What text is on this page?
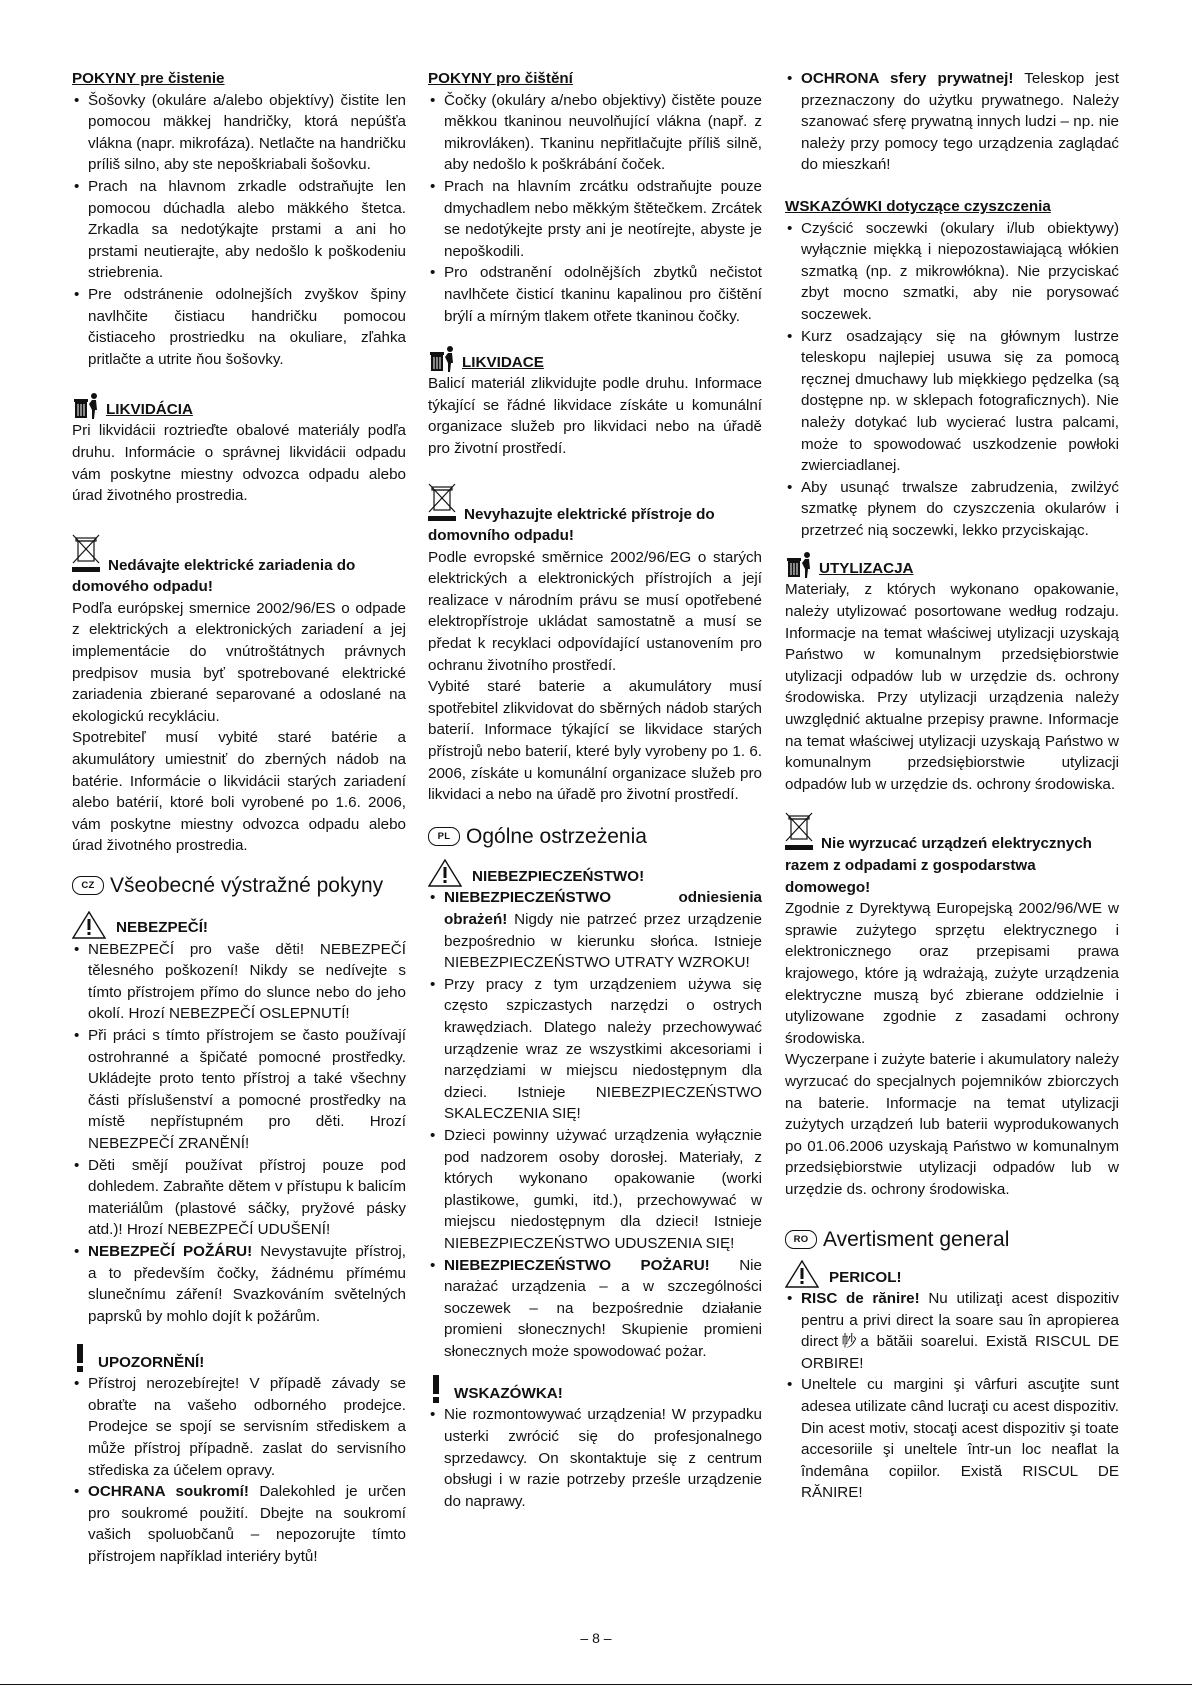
POKYNY pre čistenie

• Šošovky (okuláre a/alebo objektívy) čistite len pomocou mäkkej handričky, ktorá nepúšťa vlákna (napr. mikrofáza). Netlačte na handričku príliš silno, aby ste nepoškriabali šošovku.
• Prach na hlavnom zrkadle odstraňujte len pomocou dúchadla alebo mäkkého štetca. Zrkadla sa nedotýkajte prstami a ani ho prstami neutierajte, aby nedošlo k poškodeniu striebrenia.
• Pre odstránenie odolnejších zvyškov špiny navlhčite čistiacu handričku pomocou čistiaceho prostriedku na okuliare, zľahka pritlačte a utrite ňou šošovky.
LIKVIDÁCIA

Pri likvidácii roztrieďte obalové materiály podľa druhu. Informácie o správnej likvidácii odpadu vám poskytne miestny odvozca odpadu alebo úrad životného prostredia.

Nedávajte elektrické zariadenia do domového odpadu!

Podľa európskej smernice 2002/96/ES o odpade z elektrických a elektronických zariadení a jej implementácie do vnútroštátnych právnych predpisov musia byť spotrebované elektrické zariadenia zbierané separované a odoslané na ekologickú recykláciu.

Spotrebiteľ musí vybité staré batérie a akumulátory umiestniť do zberných nádob na batérie. Informácie o likvidácii starých zariadení alebo batérií, ktoré boli vyrobené po 1.6. 2006, vám poskytne miestny odvozca odpadu alebo úrad životného prostredia.

CZ Všeobecné výstražné pokyny
NEBEZPEČÍ!
• NEBEZPEČÍ pro vaše děti! NEBEZPEČÍ tělesného poškození! Nikdy se nedívejte s tímto přístrojem přímo do slunce nebo do jeho okolí. Hrozí NEBEZPEČÍ OSLEPNUTÍ!
• Při práci s tímto přístrojem se často používají ostrohranné a špičaté pomocné prostředky. Ukládejte proto tento přístroj a také všechny části příslušenství a pomocné prostředky na místě nepřístupném pro děti. Hrozí NEBEZPEČÍ ZRANĚNÍ!
• Děti smějí používat přístroj pouze pod dohledem. Zabraňte dětem v přístupu k balicím materiálům (plastové sáčky, pryžové pásky atd.)! Hrozí NEBEZPEČÍ UDUŠENÍ!
• NEBEZPEČÍ POŽÁRU! Nevystavujte přístroj, a to především čočky, žádnému přímému slunečnímu záření! Svazkováním světelných paprsků by mohlo dojít k požárům.
UPOZORNĚNÍ!
• Přístroj nerozebírejte! V případě závady se obraťte na vašeho odborného prodejce. Prodejce se spojí se servisním střediskem a může přístroj případně. zaslat do servisního střediska za účelem opravy.
• OCHRANA soukromí! Dalekohled je určen pro soukromé použití. Dbejte na soukromí vašich spoluobčanů – nepozorujte tímto přístrojem například interiéry bytů!

POKYNY pro čištění

• Čočky (okuláry a/nebo objektivy) čistěte pouze měkkou tkaninou neuvolňující vlákna (např. z mikrovláken). Tkaninu nepřitlačujte příliš silně, aby nedošlo k poškrábání čoček.
• Prach na hlavním zrcátku odstraňujte pouze dmychadlem nebo měkkým štětečkem. Zrcátek se nedotýkejte prsty ani je neotírejte, abyste je nepoškodili.
• Pro odstranění odolnějších zbytků nečistot navlhčete čisticí tkaninu kapalinou pro čištění brýlí a mírným tlakem otřete tkaninou čočky.
LIKVIDACE

Balicí materiál zlikvidujte podle druhu. Informace týkající se řádné likvidace získáte u komunální organizace služeb pro likvidaci nebo na úřadě pro životní prostředí.

Nevyhazujte elektrické přístroje do domovního odpadu!

Podle evropské směrnice 2002/96/EG o starých elektrických a elektronických přístrojích a její realizace v národním právu se musí opotřebené elektropřístroje ukládat samostatně a musí se předat k recyklaci odpovídající ustanovením pro ochranu životního prostředí.

Vybité staré baterie a akumulátory musí spotřebitel zlikvidovat do sběrných nádob starých baterií. Informace týkající se likvidace starých přístrojů nebo baterií, které byly vyrobeny po 1. 6. 2006, získáte u komunální organizace služeb pro likvidaci a nebo na úřadě pro životní prostředí.

PL Ogólne ostrzeżenia
NIEBEZPIECZEŃSTWO!
• NIEBEZPIECZEŃSTWO odniesienia obrażeń! Nigdy nie patrzeć przez urządzenie bezpośrednio w kierunku słońca. Istnieje NIEBEZPIECZEŃSTWO UTRATY WZROKU!
• Przy pracy z tym urządzeniem używa się często szpiczastych narzędzi o ostrych krawędziach. Dlatego należy przechowywać urządzenie wraz ze wszystkimi akcesoriami i narzędziami w miejscu niedostępnym dla dzieci. Istnieje NIEBEZPIECZEŃSTWO SKALECZENIA SIĘ!
• Dzieci powinny używać urządzenia wyłącznie pod nadzorem osoby dorosłej. Materiały, z których wykonano opakowanie (worki plastikowe, gumki, itd.), przechowywać w miejscu niedostępnym dla dzieci! Istnieje NIEBEZPIECZEŃSTWO UDUSZENIA SIĘ!
• NIEBEZPIECZEŃSTWO POŻARU! Nie narażać urządzenia – a w szczególności soczewek – na bezpośrednie działanie promieni słonecznych! Skupienie promieni słonecznych może spowodować pożar.
WSKAZÓWKA!
• Nie rozmontowywać urządzenia! W przypadku usterki zwrócić się do profesjonalnego sprzedawcy. On skontaktuje się z centrum obsługi i w razie potrzeby prześle urządzenie do naprawy.
• OCHRONA sfery prywatnej! Teleskop jest przeznaczony do użytku prywatnego. Należy szanować sferę prywatną innych ludzi – np. nie należy przy pomocy tego urządzenia zaglądać do mieszkań!

WSKAZÓWKI dotyczące czyszczenia

• Czyścić soczewki (okulary i/lub obiektywy) wyłącznie miękką i niepozostawiającą włókien szmatką (np. z mikrowłókna). Nie przyciskać zbyt mocno szmatki, aby nie porysować soczewek.
• Kurz osadzający się na głównym lustrze teleskopu najlepiej usuwa się za pomocą ręcznej dmuchawy lub miękkiego pędzelka (są dostępne np. w sklepach fotograficznych). Nie należy dotykać lub wycierać lustra palcami, może to spowodować uszkodzenie powłoki zwierciadlanej.
• Aby usunąć trwalsze zabrudzenia, zwilżyć szmatkę płynem do czyszczenia okularów i przetrzeć nią soczewki, lekko przyciskając.
UTYLIZACJA

Materiały, z których wykonano opakowanie, należy utylizować posortowane według rodzaju. Informacje na temat właściwej utylizacji uzyskają Państwo w komunalnym przedsiębiorstwie utylizacji odpadów lub w urzędzie ds. ochrony środowiska. Przy utylizacji urządzenia należy uwzględnić aktualne przepisy prawne. Informacje na temat właściwej utylizacji uzyskają Państwo w komunalnym przedsiębiorstwie utylizacji odpadów lub w urzędzie ds. ochrony środowiska.

Nie wyrzucać urządzeń elektrycznych razem z odpadami z gospodarstwa domowego!

Zgodnie z Dyrektywą Europejską 2002/96/WE w sprawie zużytego sprzętu elektrycznego i elektronicznego oraz przepisami prawa krajowego, które ją wdrażają, zużyte urządzenia elektryczne muszą być zbierane oddzielnie i utylizowane zgodnie z zasadami ochrony środowiska.

Wyczerpane i zużyte baterie i akumulatory należy wyrzucać do specjalnych pojemników zbiorczych na baterie. Informacje na temat utylizacji zużytych urządzeń lub baterii wyprodukowanych po 01.06.2006 uzyskają Państwo w komunalnym przedsiębiorstwie utylizacji odpadów lub w urzędzie ds. ochrony środowiska.

RO Avertisment general
PERICOL!
• RISC de rănire! Nu utilizaţi acest dispozitiv pentru a privi direct la soare sau în apropierea direct㠺a bătăii soarelui. Există RISCUL DE ORBIRE!
• Uneltele cu margini şi vârfuri ascuţite sunt adesea utilizate când lucraţi cu acest dispozitiv. Din acest motiv, stocaţi acest dispozitiv şi toate accesoriile şi uneltele într-un loc neaflat la îndemâna copiilor. Există RISCUL DE RĂNIRE!
– 8 –
